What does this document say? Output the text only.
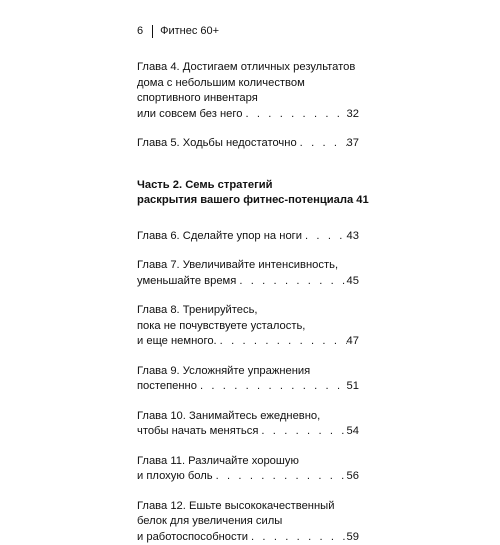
6 Фитнес 60+
Глава 4. Достигаем отличных результатов
дома с небольшим количеством
спортивного инвентаря
или совсем без него . . .	32
Глава 5. Ходьбы недостаточно . . .	37
Часть 2. Семь стратегий
раскрытия вашего фитнес-потенциала . . . 41
Глава 6. Сделайте упор на ноги . . .	43
Глава 7. Увеличивайте интенсивность,
уменьшайте время . . .	45
Глава 8. Тренируйтесь,
пока не почувствуете усталость,
и еще немного. . . .	47
Глава 9. Усложняйте упражнения
постепенно . . .	51
Глава 10. Занимайтесь ежедневно,
чтобы начать меняться . . .	54
Глава 11. Различайте хорошую
и плохую боль . . .	56
Глава 12. Ешьте высококачественный
белок для увеличения силы
и работоспособности . . .	59
